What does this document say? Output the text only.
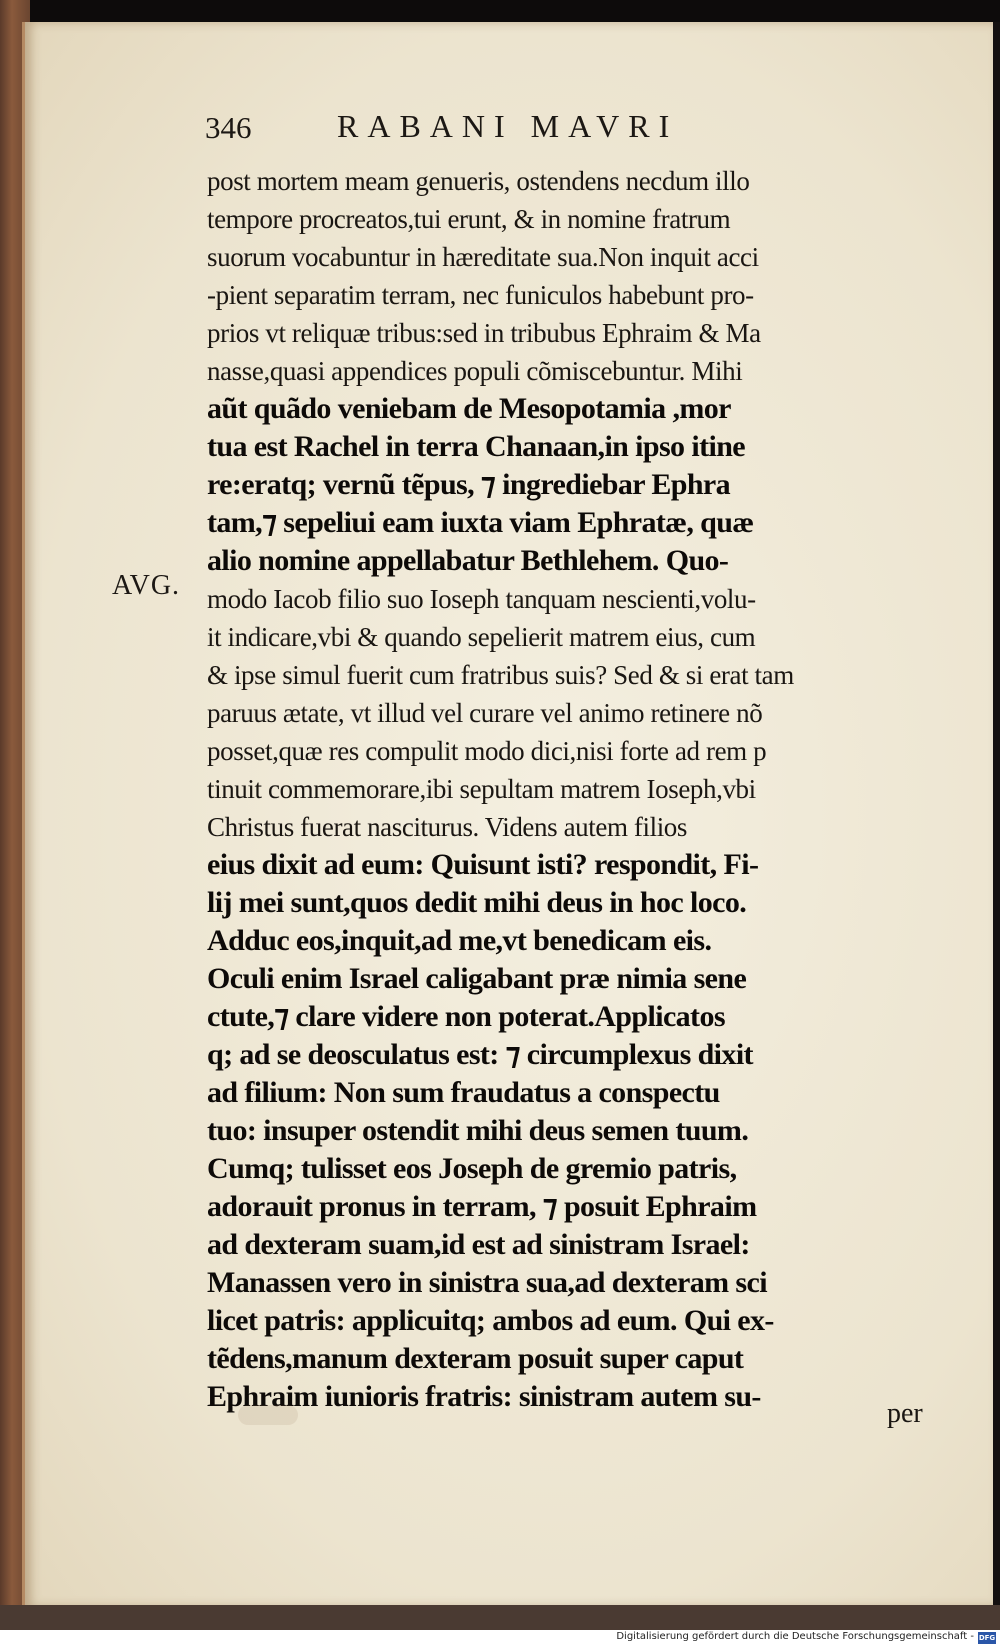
346	RABANI MAVRI
AVG.
post mortem meam genueris, ostendens necdum illo
tempore procreatos,tui erunt, & in nomine fratrum
suorum vocabuntur in hæreditate sua.Non inquit acci
-pient separatim terram, nec funiculos habebunt pro-
prios vt reliquæ tribus:sed in tribubus Ephraim & Ma
nasse,quasi appendices populi cõmiscebuntur. Mihi
aũt quãdo veniebam de Mesopotamia ,mor
tua est Rachel in terra Chanaan,in ipso itine
re:eratq; vernũ tẽpus, ⁊ ingrediebar Ephra
tam,⁊ sepeliui eam iuxta viam Ephratæ, quæ
alio nomine appellabatur Bethlehem. Quo-
modo Iacob filio suo Ioseph tanquam nescienti,volu-
it indicare,vbi & quando sepelierit matrem eius, cum
& ipse simul fuerit cum fratribus suis? Sed & si erat tam
paruus ætate, vt illud vel curare vel animo retinere nõ
posset,quæ res compulit modo dici,nisi forte ad rem p
tinuit commemorare,ibi sepultam matrem Ioseph,vbi
Christus fuerat nasciturus. Videns autem filios
eius dixit ad eum: Quisunt isti? respondit, Fi-
lij mei sunt,quos dedit mihi deus in hoc loco.
Adduc eos,inquit,ad me,vt benedicam eis.
Oculi enim Israel caligabant præ nimia sene
ctute,⁊ clare videre non poterat.Applicatos
q; ad se deosculatus est: ⁊ circumplexus dixit
ad filium: Non sum fraudatus a conspectu
tuo: insuper ostendit mihi deus semen tuum.
Cumq; tulisset eos Joseph de gremio patris,
adorauit pronus in terram, ⁊ posuit Ephraim
ad dexteram suam,id est ad sinistram Israel:
Manassen vero in sinistra sua,ad dexteram sci
licet patris: applicuitq; ambos ad eum. Qui ex-
tẽdens,manum dexteram posuit super caput
Ephraim iunioris fratris: sinistram autem su-
per
Digitalisierung gefördert durch die Deutsche Forschungsgemeinschaft - DFG
